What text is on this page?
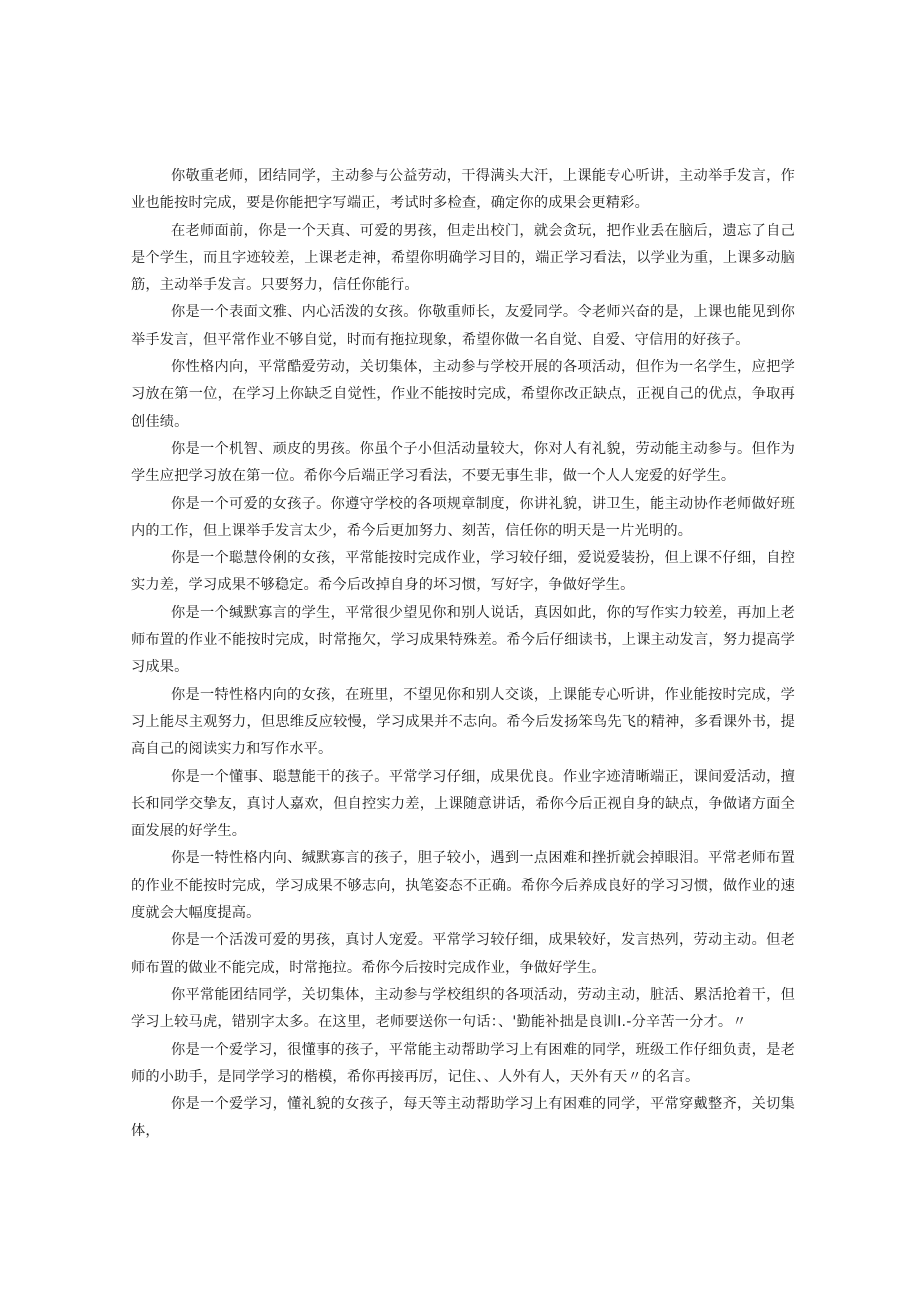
你敬重老师，团结同学，主动参与公益劳动，干得满头大汗，上课能专心听讲，主动举手发言，作业也能按时完成，要是你能把字写端正，考试时多检查，确定你的成果会更精彩。

在老师面前，你是一个天真、可爱的男孩，但走出校门，就会贪玩，把作业丢在脑后，遗忘了自己是个学生，而且字迹较差，上课老走神，希望你明确学习目的，端正学习看法，以学业为重，上课多动脑筋，主动举手发言。只要努力，信任你能行。

你是一个表面文雅、内心活泼的女孩。你敬重师长，友爱同学。令老师兴奋的是，上课也能见到你举手发言，但平常作业不够自觉，时而有拖拉现象，希望你做一名自觉、自爱、守信用的好孩子。

你性格内向，平常酷爱劳动，关切集体，主动参与学校开展的各项活动，但作为一名学生，应把学习放在第一位，在学习上你缺乏自觉性，作业不能按时完成，希望你改正缺点，正视自己的优点，争取再创佳绩。

你是一个机智、顽皮的男孩。你虽个子小但活动量较大，你对人有礼貌，劳动能主动参与。但作为学生应把学习放在第一位。希你今后端正学习看法，不要无事生非，做一个人人宠爱的好学生。

你是一个可爱的女孩子。你遵守学校的各项规章制度，你讲礼貌，讲卫生，能主动协作老师做好班内的工作，但上课举手发言太少，希今后更加努力、刻苦，信任你的明天是一片光明的。

你是一个聪慧伶俐的女孩，平常能按时完成作业，学习较仔细，爱说爱装扮，但上课不仔细，自控实力差，学习成果不够稳定。希今后改掉自身的坏习惯，写好字，争做好学生。

你是一个缄默寡言的学生，平常很少望见你和别人说话，真因如此，你的写作实力较差，再加上老师布置的作业不能按时完成，时常拖欠，学习成果特殊差。希今后仔细读书，上课主动发言，努力提高学习成果。

你是一特性格内向的女孩，在班里，不望见你和别人交谈，上课能专心听讲，作业能按时完成，学习上能尽主观努力，但思维反应较慢，学习成果并不志向。希今后发扬笨鸟先飞的精神，多看课外书，提高自己的阅读实力和写作水平。

你是一个懂事、聪慧能干的孩子。平常学习仔细，成果优良。作业字迹清晰端正，课间爱活动，擅长和同学交挚友，真讨人嘉欢，但自控实力差，上课随意讲话，希你今后正视自身的缺点，争做诸方面全面发展的好学生。

你是一特性格内向、缄默寡言的孩子，胆子较小，遇到一点困难和挫折就会掉眼泪。平常老师布置的作业不能按时完成，学习成果不够志向，执笔姿态不正确。希你今后养成良好的学习习惯，做作业的速度就会大幅度提高。

你是一个活泼可爱的男孩，真讨人宠爱。平常学习较仔细，成果较好，发言热列，劳动主动。但老师布置的做业不能完成，时常拖拉。希你今后按时完成作业，争做好学生。

你平常能团结同学，关切集体，主动参与学校组织的各项活动，劳动主动，脏活、累活抢着干，但学习上较马虎，错别字太多。在这里，老师要送你一句话：、'勤能补拙是良训I.-分辛苦一分才。〃

你是一个爱学习，很懂事的孩子，平常能主动帮助学习上有困难的同学，班级工作仔细负责，是老师的小助手，是同学学习的楷模，希你再接再厉，记住、、人外有人，天外有天〃的名言。

你是一个爱学习，懂礼貌的女孩子，每天等主动帮助学习上有困难的同学，平常穿戴整齐，关切集体，
